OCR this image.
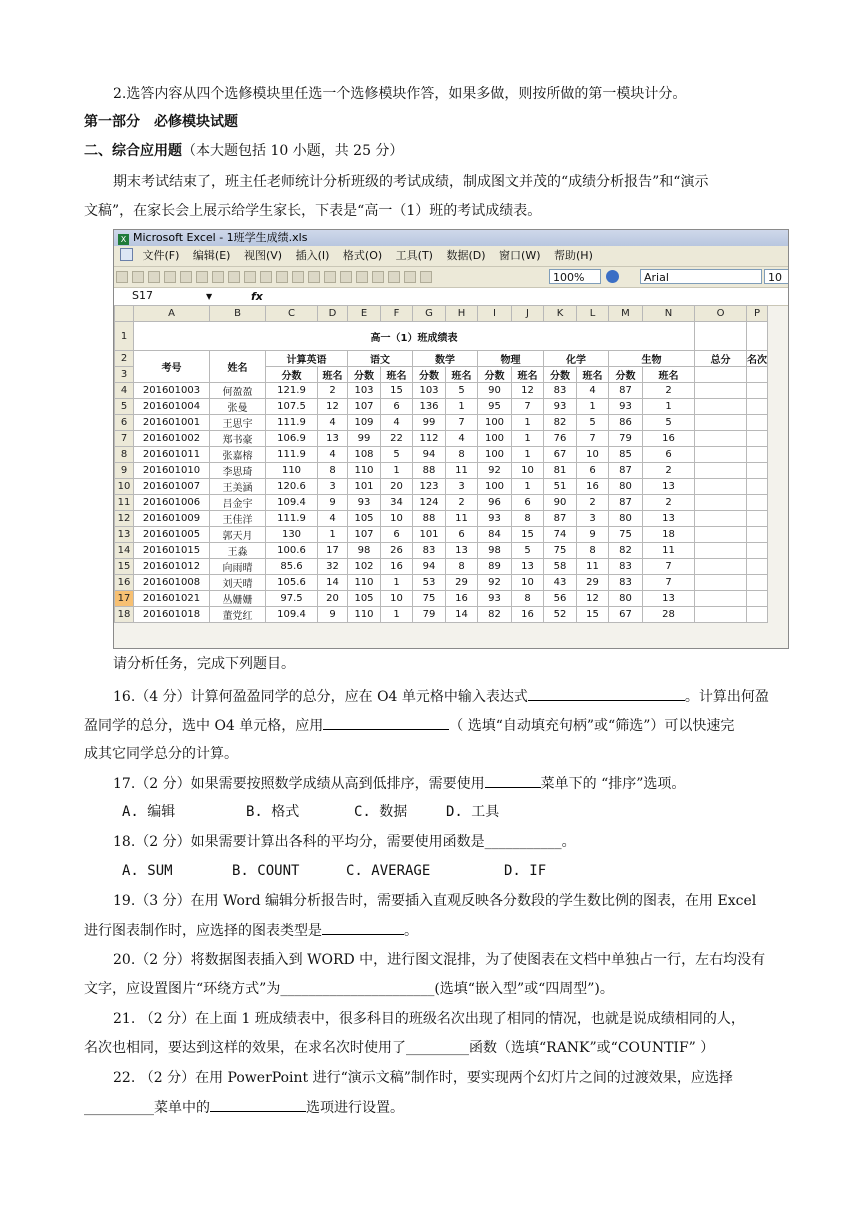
2.选答内容从四个选修模块里任选一个选修模块作答，如果多做，则按所做的第一模块计分。
第一部分　必修模块试题
二、综合应用题（本大题包括 10 小题，共 25 分）
期末考试结束了，班主任老师统计分析班级的考试成绩，制成图文并茂的“成绩分析报告”和“演示
文稿”，在家长会上展示给学生家长，下表是“高一（1）班的考试成绩表。
X Microsoft Excel - 1班学生成绩.xls
文件(F) 编辑(E) 视图(V) 插入(I) 格式(O) 工具(T) 数据(D) 窗口(W) 帮助(H)
100%	Arial	10
S17	▼	fx
	A	B	C	D	E	F	G	H	I	J	K	L	M	N	O	P
1	高一（1）班成绩表															
2	考号	姓名	计算英语		语文		数学		物理		化学		生物		总分	名次
3			分数	班名	分数	班名	分数	班名	分数	班名	分数	班名	分数	班名		
4	201601003	何盈盈	121.9	2	103	15	103	5	90	12	83	4	87	2		
5	201601004	张曼	107.5	12	107	6	136	1	95	7	93	1	93	1		
6	201601001	王思宇	111.9	4	109	4	99	7	100	1	82	5	86	5		
7	201601002	郑书豪	106.9	13	99	22	112	4	100	1	76	7	79	16		
8	201601011	张嘉榕	111.9	4	108	5	94	8	100	1	67	10	85	6		
9	201601010	李思琦	110	8	110	1	88	11	92	10	81	6	87	2		
10	201601007	王美涵	120.6	3	101	20	123	3	100	1	51	16	80	13		
11	201601006	吕金宇	109.4	9	93	34	124	2	96	6	90	2	87	2		
12	201601009	王佳洋	111.9	4	105	10	88	11	93	8	87	3	80	13		
13	201601005	郭天月	130	1	107	6	101	6	84	15	74	9	75	18		
14	201601015	王淼	100.6	17	98	26	83	13	98	5	75	8	82	11		
15	201601012	向雨晴	85.6	32	102	16	94	8	89	13	58	11	83	7		
16	201601008	刘天晴	105.6	14	110	1	53	29	92	10	43	29	83	7		
17	201601021	丛姗姗	97.5	20	105	10	75	16	93	8	56	12	80	13		
18	201601018	董党红	109.4	9	110	1	79	14	82	16	52	15	67	28		
请分析任务，完成下列题目。
16.（4 分）计算何盈盈同学的总分，应在 O4 单元格中输入表达式	。计算出何盈
盈同学的总分，选中 O4 单元格，应用	（ 选填“自动填充句柄”或“筛选”）可以快速完
成其它同学总分的计算。
17.（2 分）如果需要按照数学成绩从高到低排序，需要使用	菜单下的 “排序”选项。
A. 编辑	B. 格式	C. 数据	D. 工具
18.（2 分）如果需要计算出各科的平均分，需要使用函数是___________。
A. SUM	B. COUNT	C. AVERAGE	D. IF
19.（3 分）在用 Word 编辑分析报告时，需要插入直观反映各分数段的学生数比例的图表，在用 Excel
进行图表制作时，应选择的图表类型是	。
20.（2 分）将数据图表插入到 WORD 中，进行图文混排，为了使图表在文档中单独占一行，左右均没有
文字，应设置图片“环绕方式”为______________________(选填“嵌入型”或“四周型”)。
21. （2 分）在上面 1 班成绩表中，很多科目的班级名次出现了相同的情况，也就是说成绩相同的人，
名次也相同，要达到这样的效果，在求名次时使用了_________函数（选填“RANK”或“COUNTIF” ）
22. （2 分）在用 PowerPoint 进行“演示文稿”制作时，要实现两个幻灯片之间的过渡效果，应选择
__________菜单中的	选项进行设置。
